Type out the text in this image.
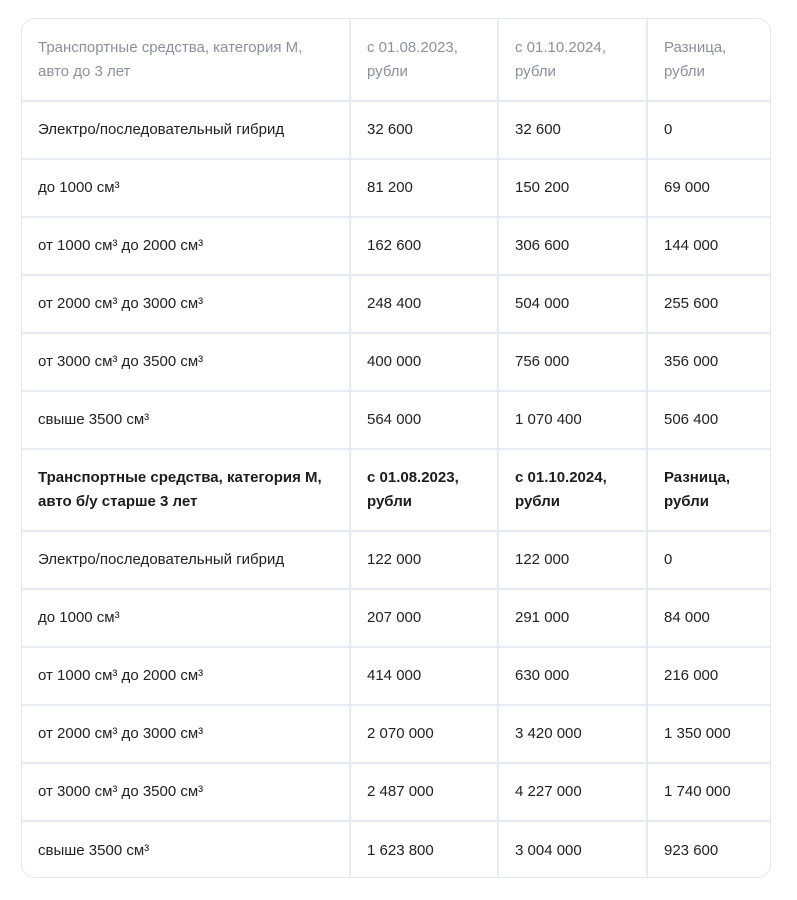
Транспортные средства, категория М, авто до 3 лет	с 01.08.2023, рубли	с 01.10.2024, рубли	Разница, рубли
Электро/последовательный гибрид	32 600	32 600	0
до 1000 см³	81 200	150 200	69 000
от 1000 см³ до 2000 см³	162 600	306 600	144 000
от 2000 см³ до 3000 см³	248 400	504 000	255 600
от 3000 см³ до 3500 см³	400 000	756 000	356 000
свыше 3500 см³	564 000	1 070 400	506 400
Транспортные средства, категория М, авто б/у старше 3 лет	с 01.08.2023, рубли	с 01.10.2024, рубли	Разница, рубли
Электро/последовательный гибрид	122 000	122 000	0
до 1000 см³	207 000	291 000	84 000
от 1000 см³ до 2000 см³	414 000	630 000	216 000
от 2000 см³ до 3000 см³	2 070 000	3 420 000	1 350 000
от 3000 см³ до 3500 см³	2 487 000	4 227 000	1 740 000
свыше 3500 см³	1 623 800	3 004 000	923 600
